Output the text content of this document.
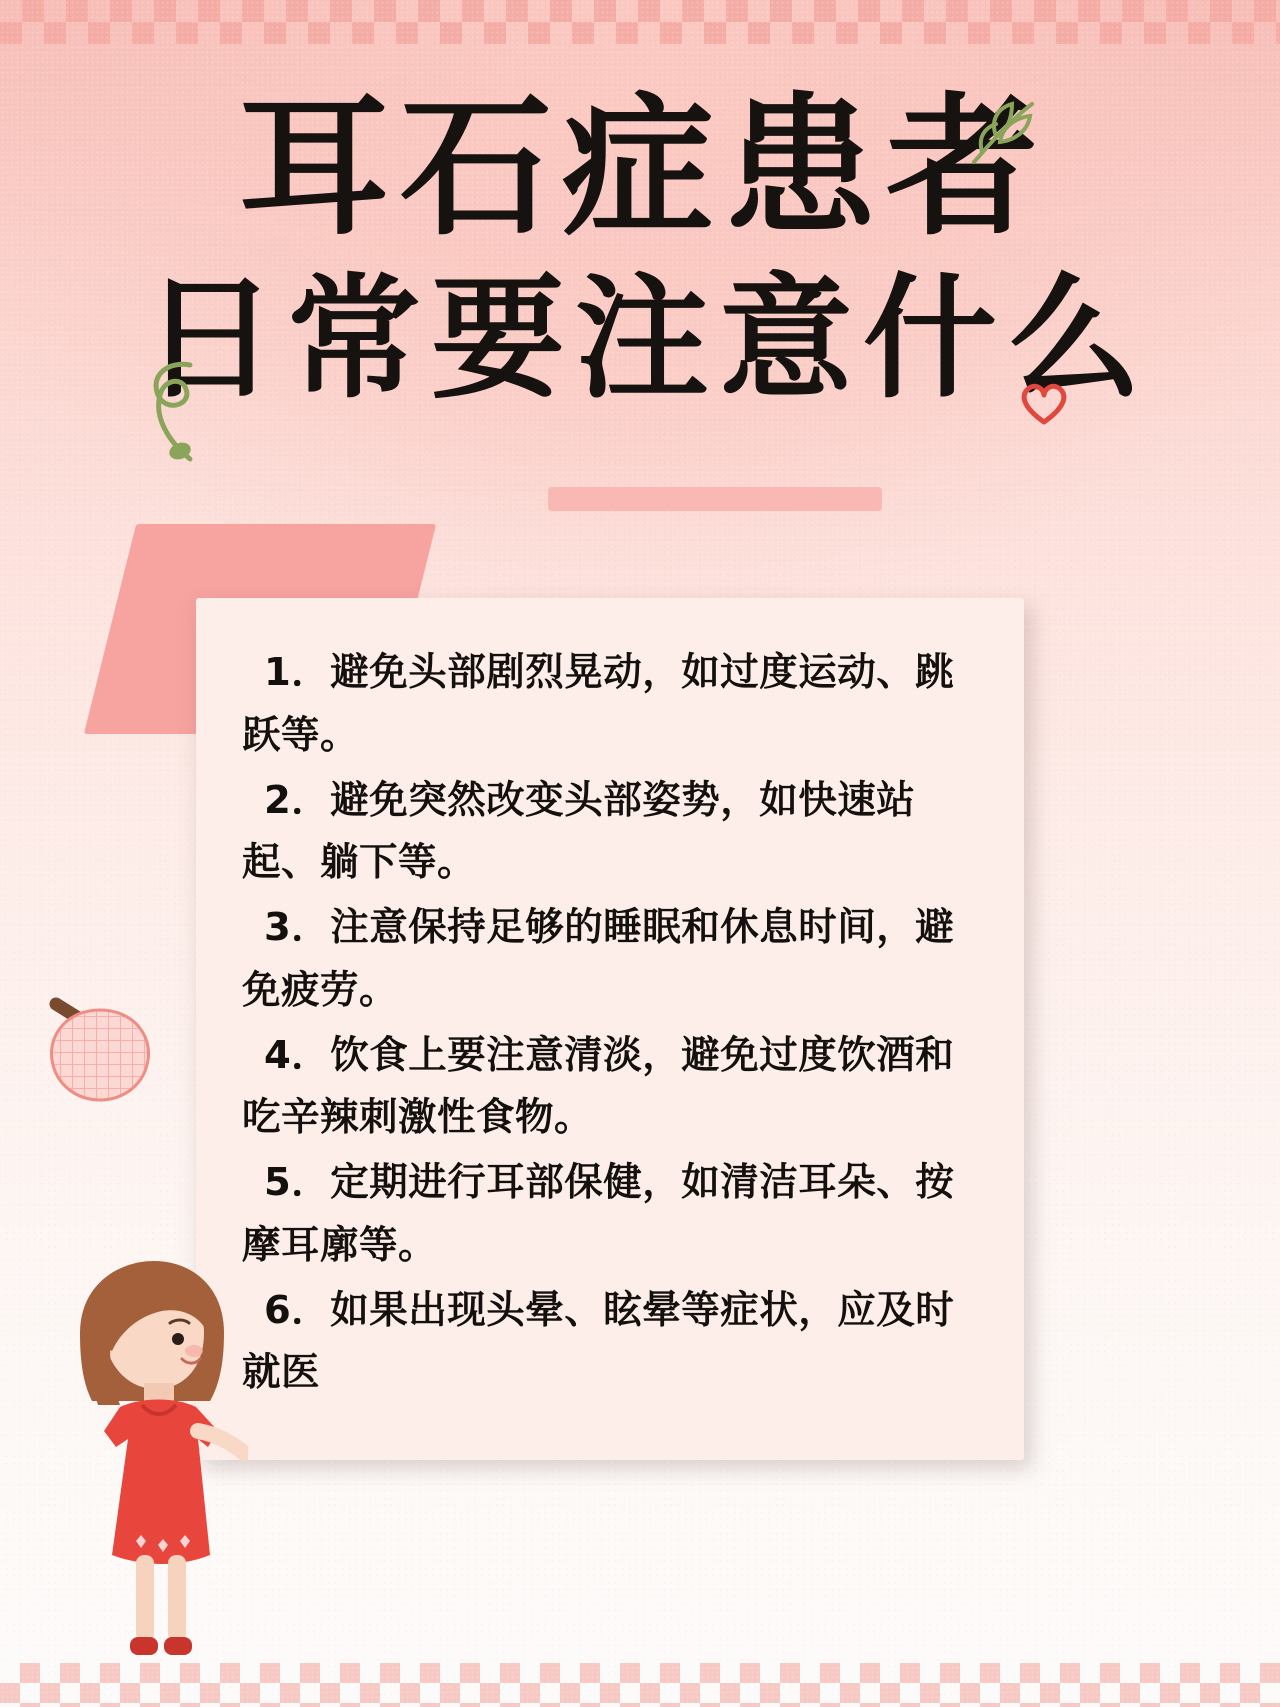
耳石症患者
日常要注意什么

1．避免头部剧烈晃动，如过度运动、跳跃等。

2．避免突然改变头部姿势，如快速站起、躺下等。

3．注意保持足够的睡眠和休息时间，避免疲劳。

4．饮食上要注意清淡，避免过度饮酒和吃辛辣刺激性食物。

5．定期进行耳部保健，如清洁耳朵、按摩耳廓等。

6．如果出现头晕、眩晕等症状，应及时就医
